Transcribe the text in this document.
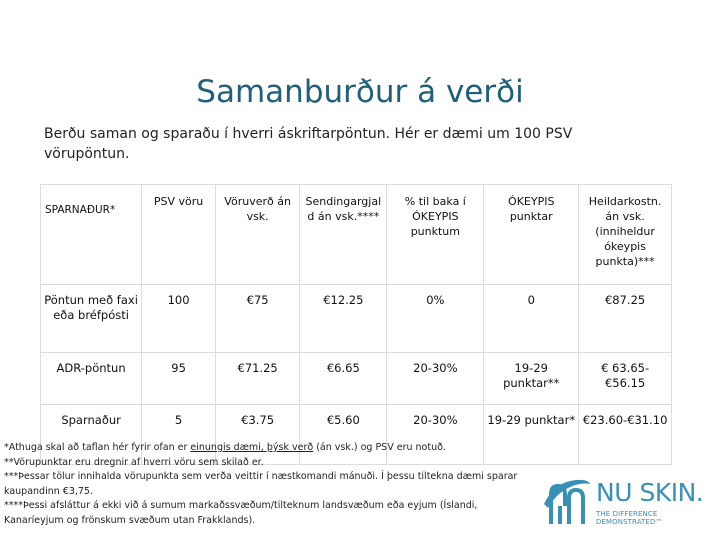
Samanburður á verði
Berðu saman og sparaðu í hverri áskriftarpöntun. Hér er dæmi um 100 PSV vörupöntun.
SPARNAÐUR*	PSV vöru	Vöruverð án vsk.	Sendingargjal d án vsk.****	% til baka í ÓKEYPIS punktum	ÓKEYPIS punktar	Heildarkostn. án vsk. (inniheldur ókeypis punkta)***
Pöntun með faxi eða bréfpósti	100	€75	€12.25	0%	0	€87.25
ADR-pöntun	95	€71.25	€6.65	20-30%	19-29 punktar**	€ 63.65-€56.15
Sparnaður	5	€3.75	€5.60	20-30%	19-29 punktar*	€23.60-€31.10
*Athuga skal að taflan hér fyrir ofan er einungis dæmi, þýsk verð (án vsk.) og PSV eru notuð.
**Vörupunktar eru dregnir af hverri vöru sem skilað er.
***Þessar tölur innihalda vörupunkta sem verða veittir í næstkomandi mánuði. Í þessu tiltekna dæmi sparar kaupandinn €3,75.
****Þessi afsláttur á ekki við á sumum markaðssvæðum/tilteknum landsvæðum eða eyjum (Íslandi, Kanaríeyjum og frönskum svæðum utan Frakklands).
NU SKIN.
THE DIFFERENCE DEMONSTRATED™
